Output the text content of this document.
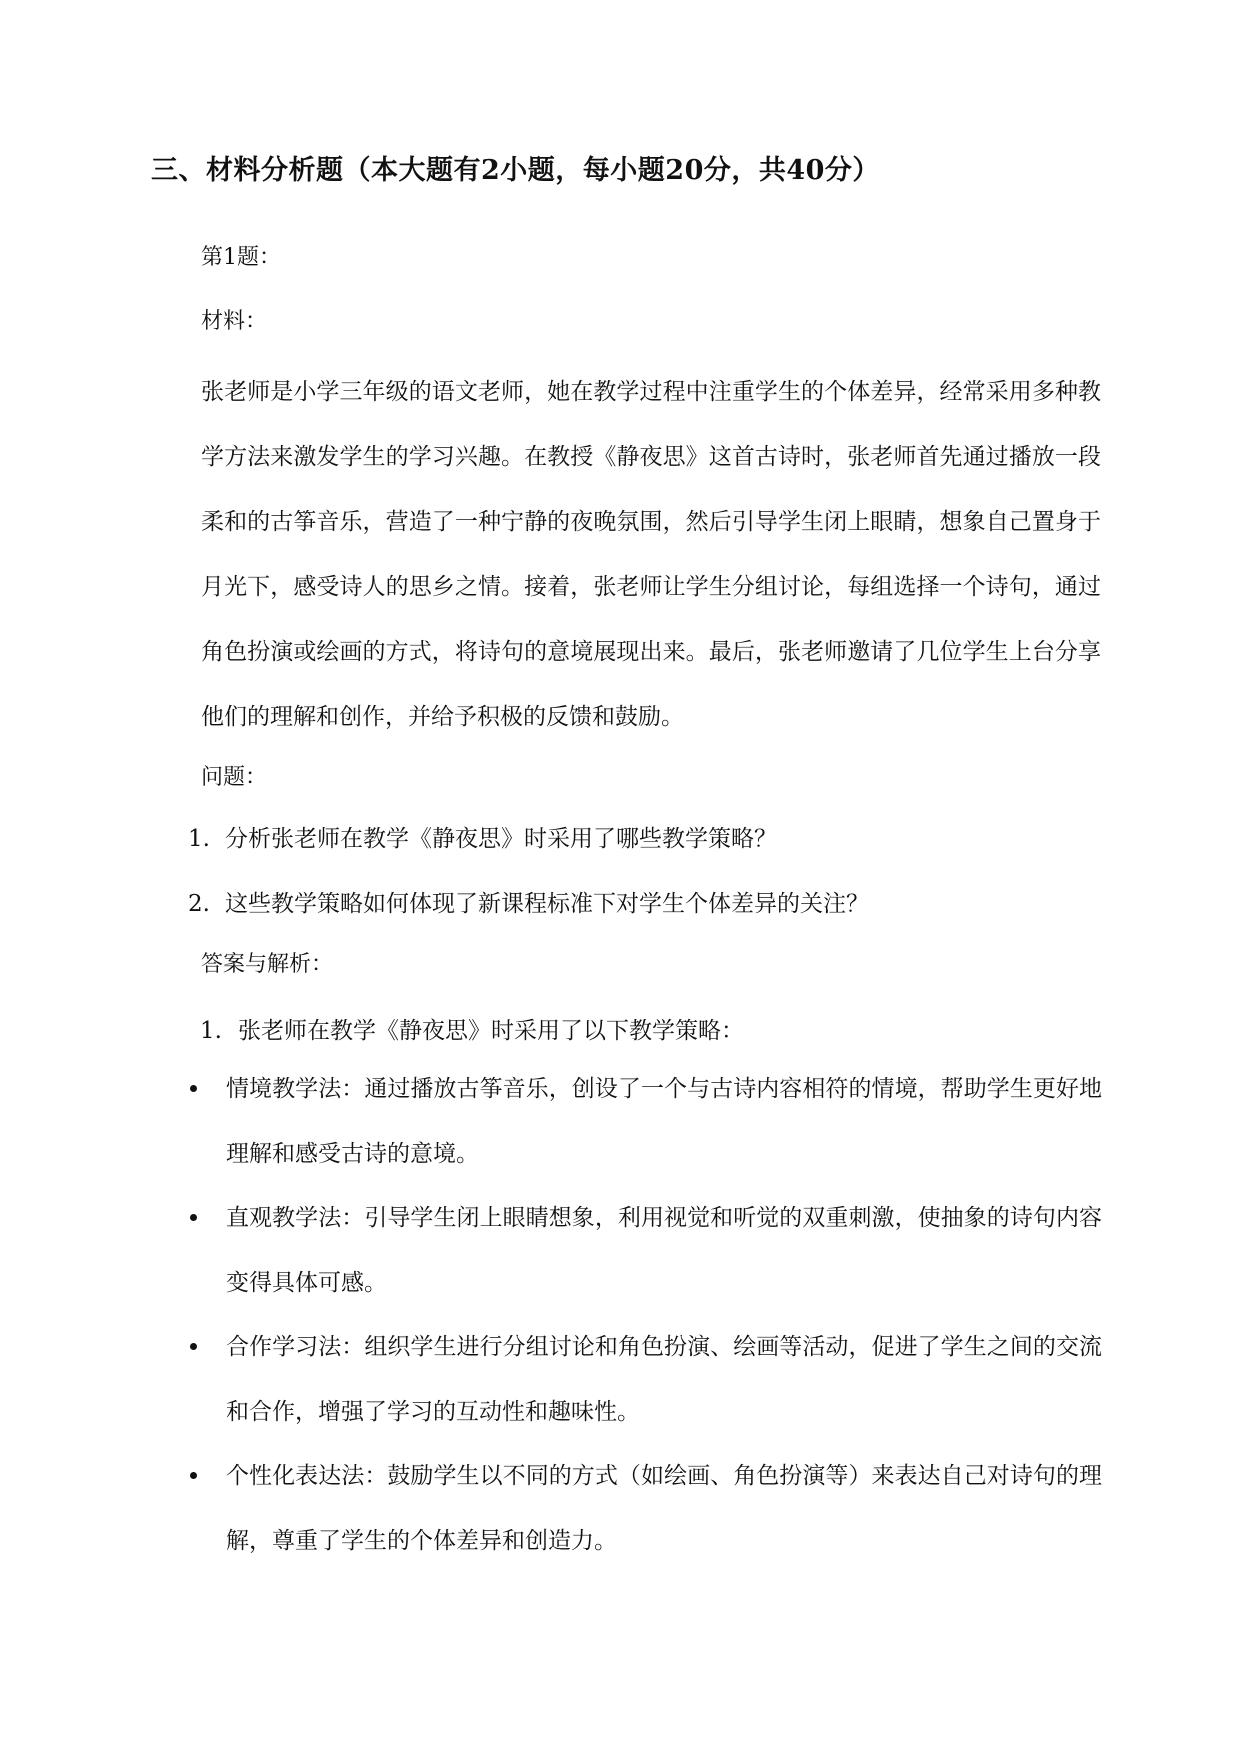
三、材料分析题（本大题有2小题，每小题20分，共40分）
第1题：
材料：
张老师是小学三年级的语文老师，她在教学过程中注重学生的个体差异，经常采用多种教学方法来激发学生的学习兴趣。在教授《静夜思》这首古诗时，张老师首先通过播放一段柔和的古筝音乐，营造了一种宁静的夜晚氛围，然后引导学生闭上眼睛，想象自己置身于月光下，感受诗人的思乡之情。接着，张老师让学生分组讨论，每组选择一个诗句，通过角色扮演或绘画的方式，将诗句的意境展现出来。最后，张老师邀请了几位学生上台分享他们的理解和创作，并给予积极的反馈和鼓励。
问题：
1. 分析张老师在教学《静夜思》时采用了哪些教学策略？
2. 这些教学策略如何体现了新课程标准下对学生个体差异的关注？
答案与解析：
1. 张老师在教学《静夜思》时采用了以下教学策略：
情境教学法：通过播放古筝音乐，创设了一个与古诗内容相符的情境，帮助学生更好地理解和感受古诗的意境。
直观教学法：引导学生闭上眼睛想象，利用视觉和听觉的双重刺激，使抽象的诗句内容变得具体可感。
合作学习法：组织学生进行分组讨论和角色扮演、绘画等活动，促进了学生之间的交流和合作，增强了学习的互动性和趣味性。
个性化表达法：鼓励学生以不同的方式（如绘画、角色扮演等）来表达自己对诗句的理解，尊重了学生的个体差异和创造力。
